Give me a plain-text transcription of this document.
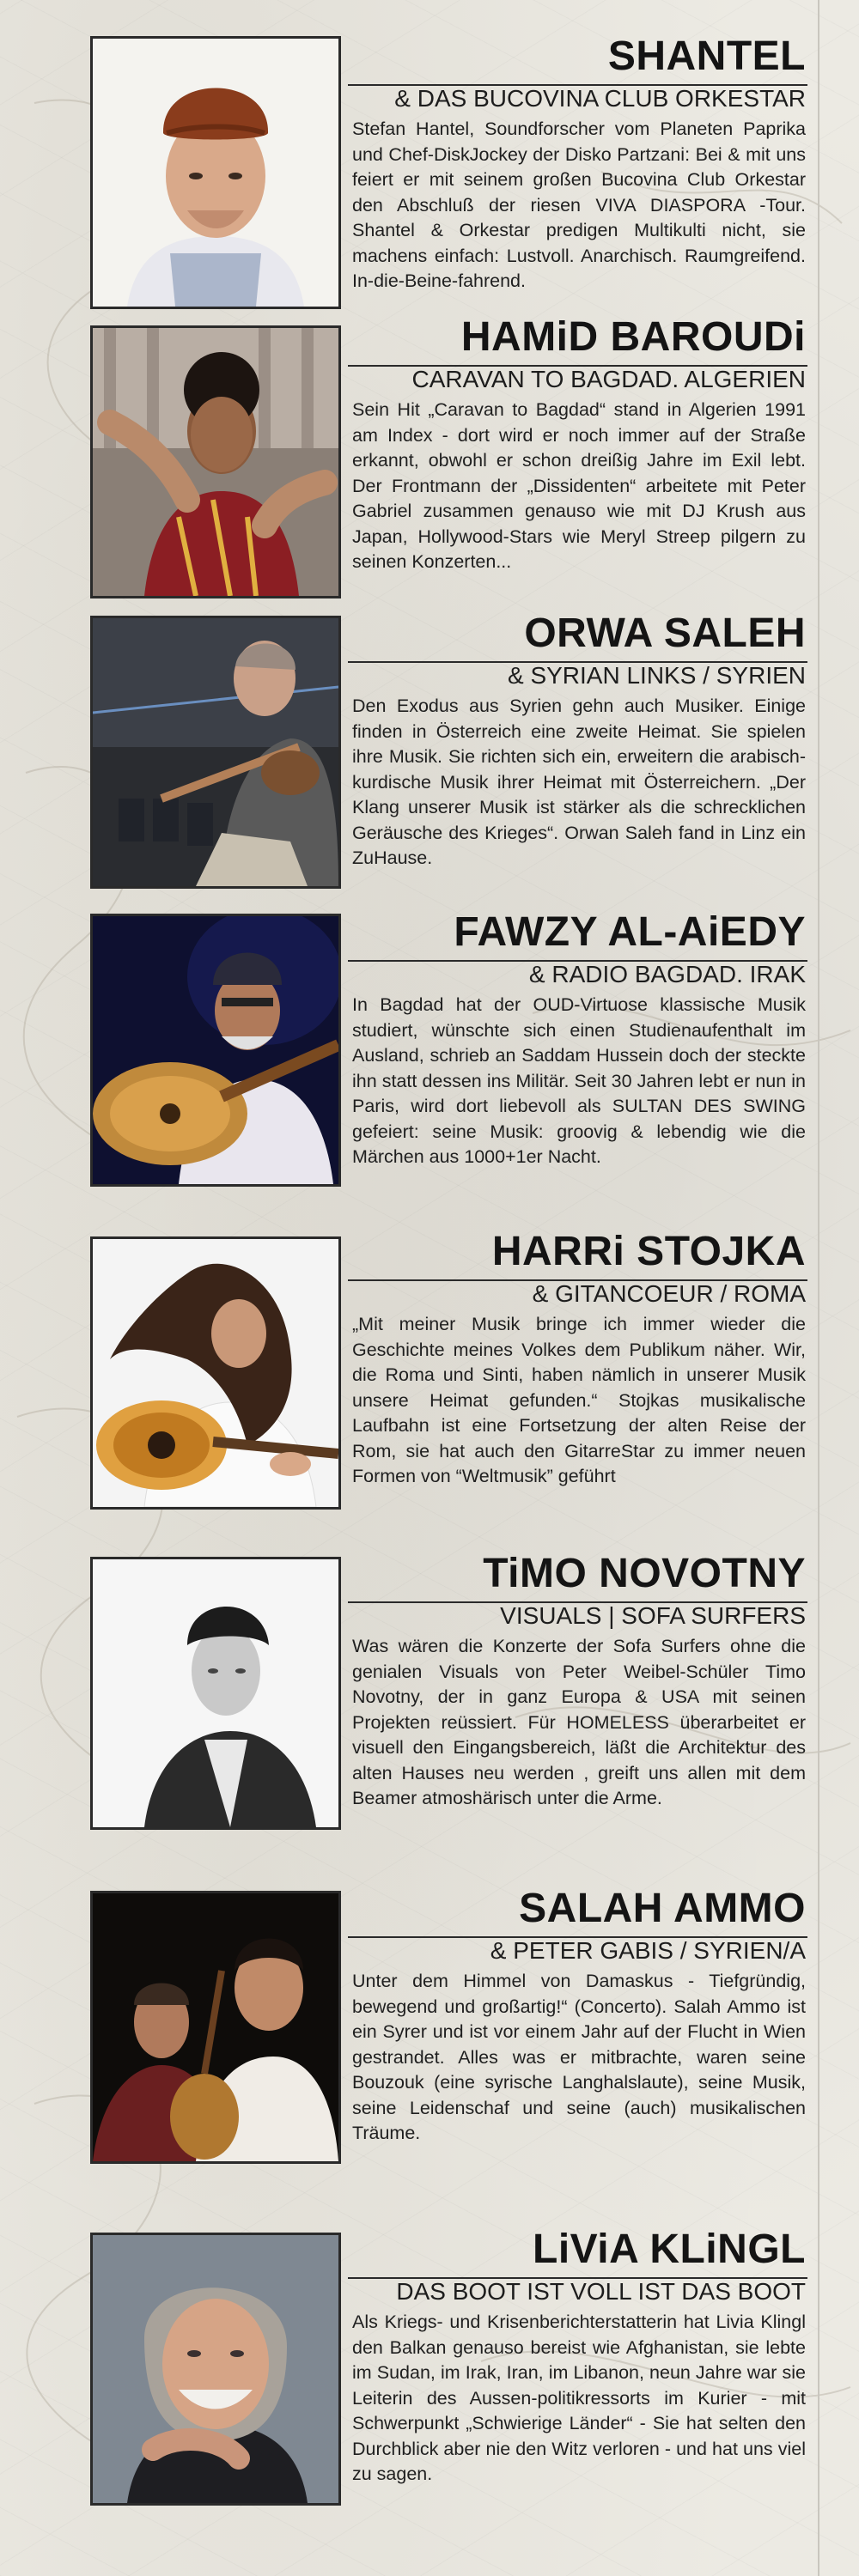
SHANTEL
& DAS BUCOVINA CLUB ORKESTAR

Stefan Hantel, Soundforscher vom Planeten Paprika und Chef-DiskJockey der Disko Partzani: Bei & mit uns feiert er mit seinem großen Bucovina Club Orkestar den Abschluß der riesen VIVA DIASPORA -Tour. Shantel & Orkestar predigen Multikulti nicht, sie machens einfach: Lustvoll. Anarchisch. Raumgreifend. In-die-Beine-fahrend.

HAMiD BAROUDi
CARAVAN TO BAGDAD. ALGERIEN

Sein Hit „Caravan to Bagdad“ stand in Algerien 1991 am Index - dort wird er noch immer auf der Straße erkannt, obwohl er schon dreißig Jahre im Exil lebt. Der Frontmann der „Dissidenten“ arbeitete mit Peter Gabriel zusammen genauso wie mit DJ Krush aus Japan, Hollywood-Stars wie Meryl Streep pilgern zu seinen Konzerten...

ORWA SALEH
& SYRIAN LINKS / SYRIEN

Den Exodus aus Syrien gehn auch Musiker. Einige finden in Österreich eine zweite Heimat. Sie spielen ihre Musik. Sie richten sich ein, erweitern die arabisch-kurdische Musik ihrer Heimat mit Österreichern. „Der Klang unserer Musik ist stärker als die schrecklichen Geräusche des Krieges“. Orwan Saleh fand in Linz ein ZuHause.

FAWZY AL-AiEDY
& RADIO BAGDAD. IRAK

In Bagdad hat der OUD-Virtuose klassische Musik studiert, wünschte sich einen Studienaufenthalt im Ausland, schrieb an Saddam Hussein doch der steckte ihn statt dessen ins Militär. Seit 30 Jahren lebt er nun in Paris, wird dort liebevoll als SULTAN DES SWING gefeiert: seine Musik: groovig & lebendig wie die Märchen aus 1000+1er Nacht.

HARRi STOJKA
& GITANCOEUR / ROMA

„Mit meiner Musik bringe ich immer wieder die Geschichte meines Volkes dem Publikum näher. Wir, die Roma und Sinti, haben nämlich in unserer Musik unsere Heimat gefunden.“ Stojkas musikalische Laufbahn ist eine Fortsetzung der alten Reise der Rom, sie hat auch den GitarreStar zu immer neuen Formen von “Weltmusik” geführt

TiMO NOVOTNY
VISUALS | SOFA SURFERS

Was wären die Konzerte der Sofa Surfers ohne die genialen Visuals von Peter Weibel-Schüler Timo Novotny, der in ganz Europa & USA mit seinen Projekten reüssiert. Für HOMELESS überarbeitet er visuell den Eingangsbereich, läßt die Architektur des alten Hauses neu werden , greift uns allen mit dem Beamer atmoshärisch unter die Arme.

SALAH AMMO
& PETER GABIS / SYRIEN/A

Unter dem Himmel von Damaskus - Tiefgründig, bewegend und großartig!“ (Concerto). Salah Ammo ist ein Syrer und ist vor einem Jahr auf der Flucht in Wien gestrandet. Alles was er mitbrachte, waren seine Bouzouk (eine syrische Langhalslaute), seine Musik, seine Leidenschaf und seine (auch) musikalischen Träume.

LiViA KLiNGL
DAS BOOT IST VOLL IST DAS BOOT

Als Kriegs- und Krisenberichterstatterin hat Livia Klingl den Balkan genauso bereist wie Afghanistan, sie lebte im Sudan, im Irak, Iran, im Libanon, neun Jahre war sie Leiterin des Aussen-politikressorts im Kurier - mit Schwerpunkt „Schwierige Länder“ - Sie hat selten den Durchblick aber nie den Witz verloren - und hat uns viel zu sagen.
